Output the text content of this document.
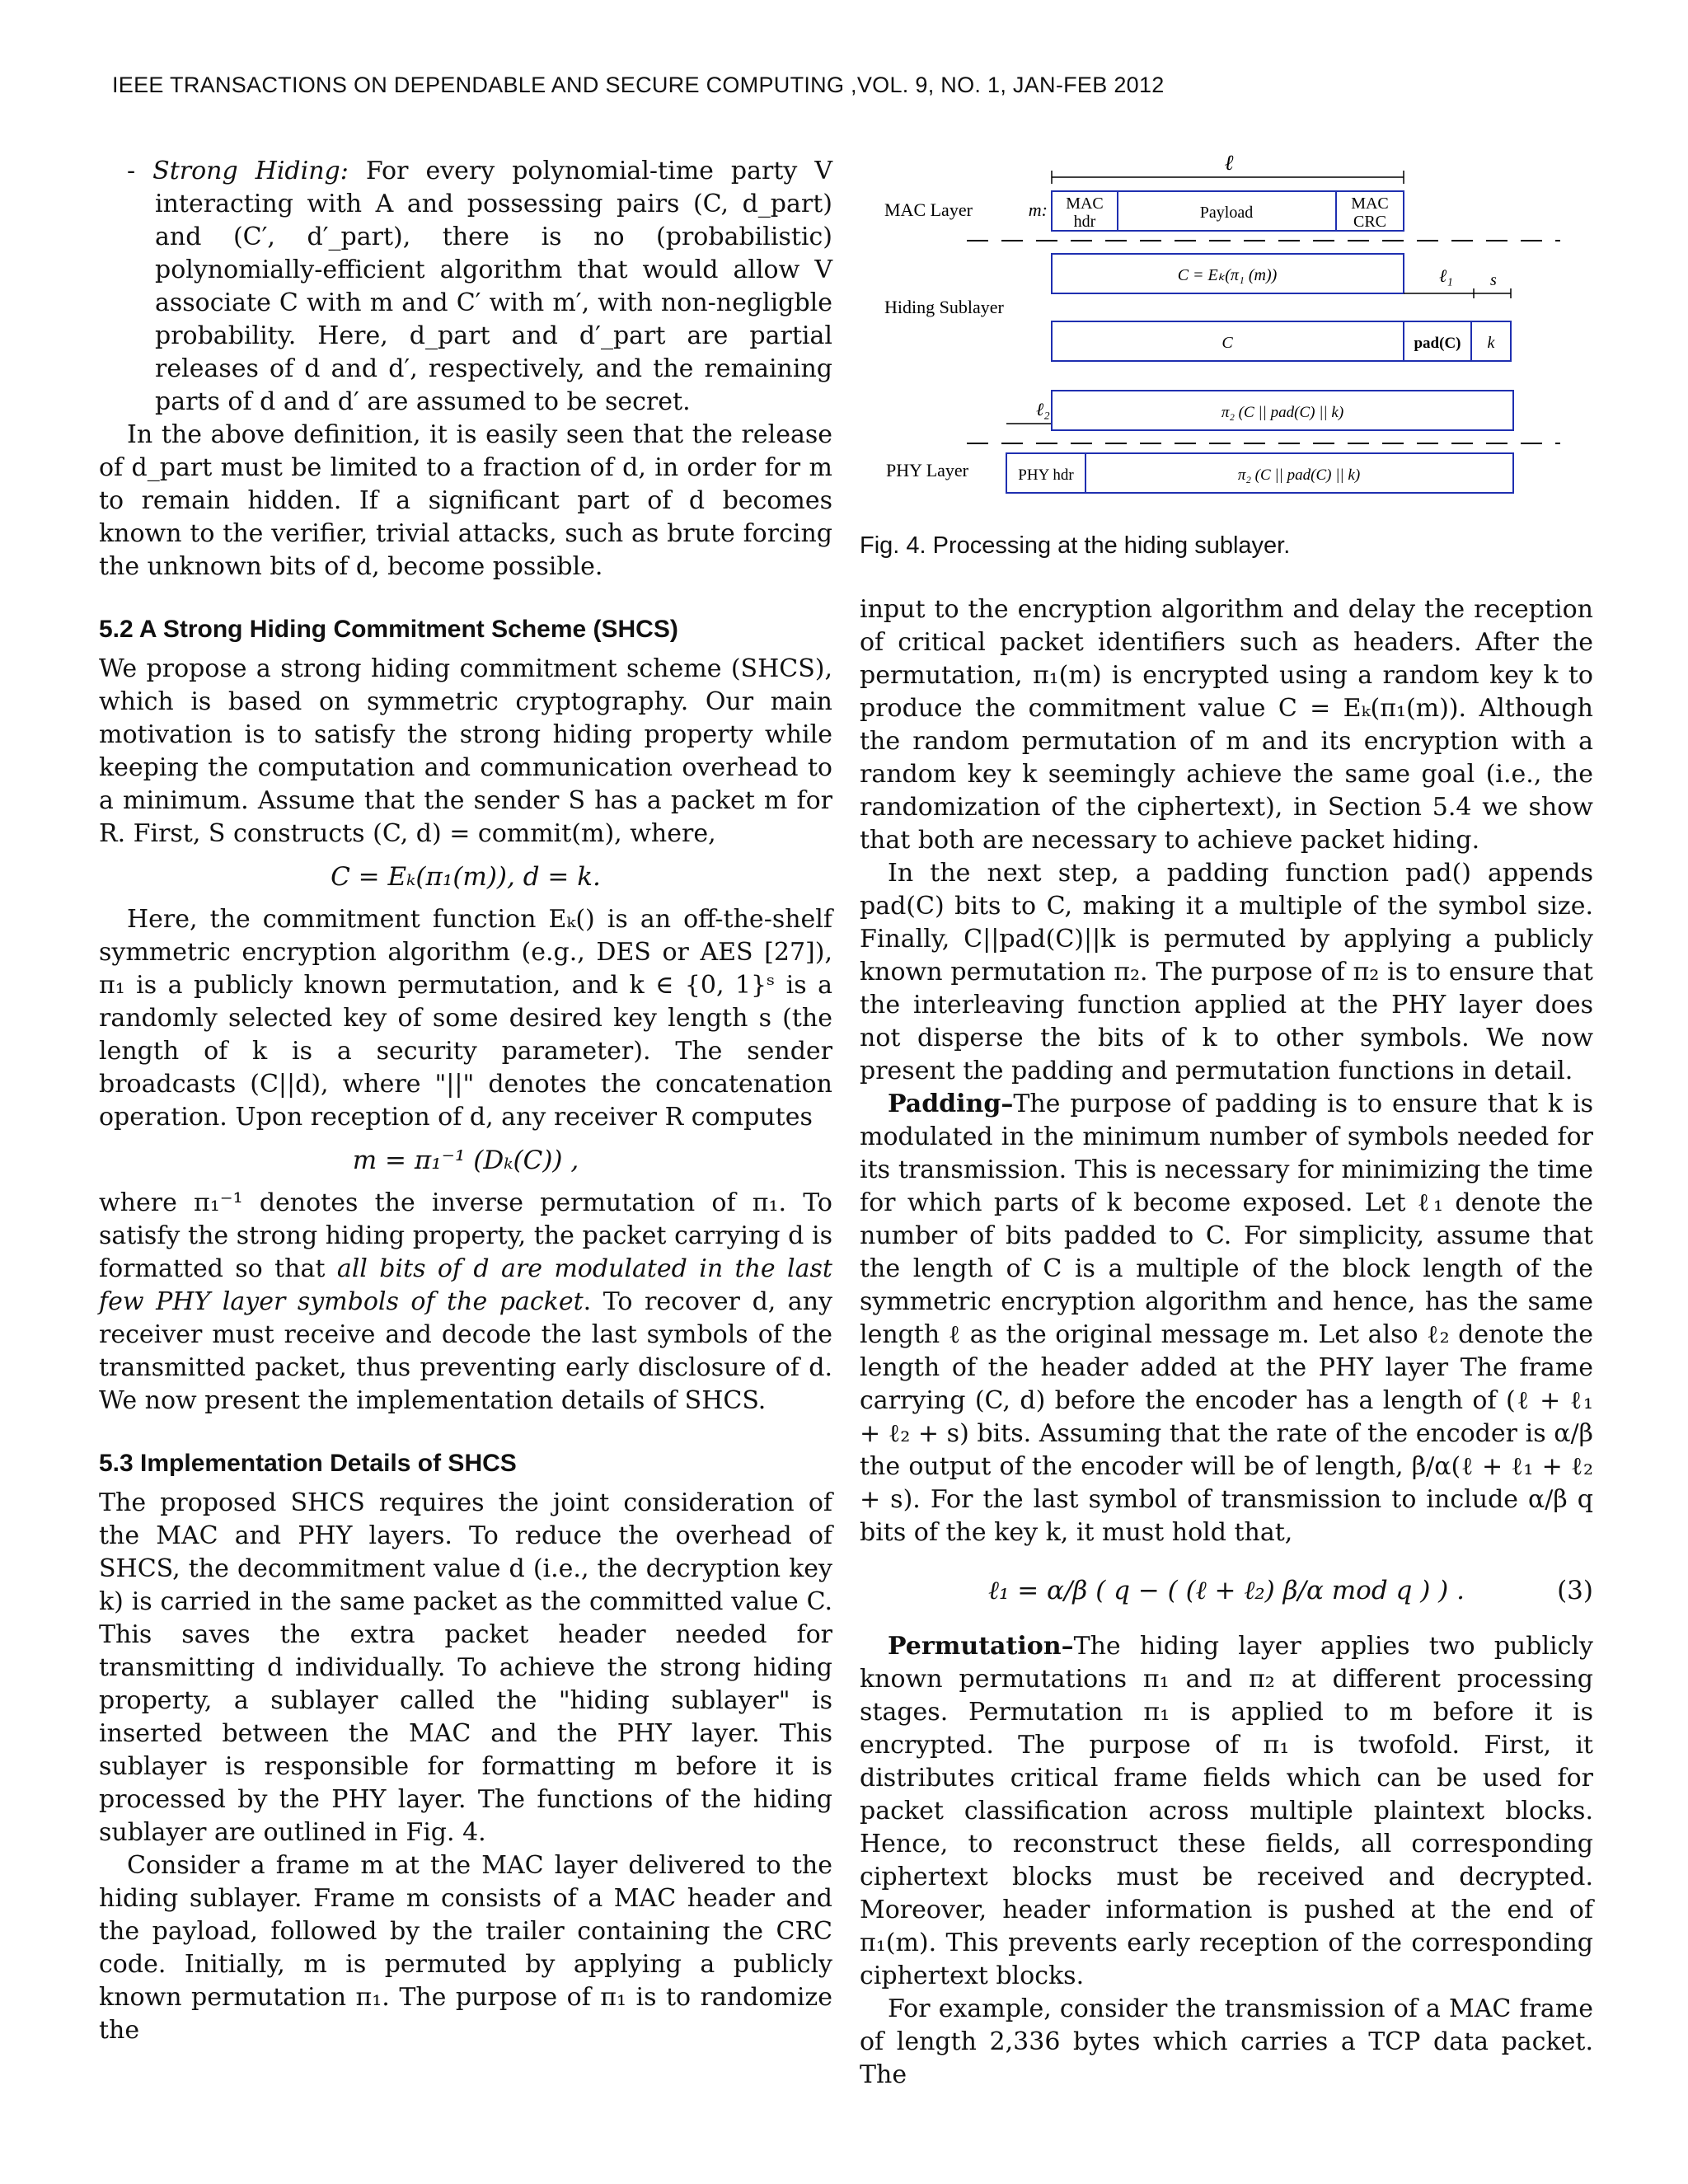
IEEE TRANSACTIONS ON DEPENDABLE AND SECURE COMPUTING ,VOL. 9, NO. 1, JAN-FEB 2012

- Strong Hiding: For every polynomial-time party V interacting with A and possessing pairs (C, d_part) and (C′, d′_part), there is no (probabilistic) polynomially-efficient algorithm that would allow V associate C with m and C′ with m′, with non-negligble probability. Here, d_part and d′_part are partial releases of d and d′, respectively, and the remaining parts of d and d′ are assumed to be secret.

In the above definition, it is easily seen that the release of d_part must be limited to a fraction of d, in order for m to remain hidden. If a significant part of d becomes known to the verifier, trivial attacks, such as brute forcing the unknown bits of d, become possible.

5.2 A Strong Hiding Commitment Scheme (SHCS)

We propose a strong hiding commitment scheme (SHCS), which is based on symmetric cryptography. Our main motivation is to satisfy the strong hiding property while keeping the computation and communication overhead to a minimum. Assume that the sender S has a packet m for R. First, S constructs (C, d) = commit(m), where,

C = Eₖ(π₁(m)), d = k.

Here, the commitment function Eₖ() is an off-the-shelf symmetric encryption algorithm (e.g., DES or AES [27]), π₁ is a publicly known permutation, and k ∈ {0, 1}ˢ is a randomly selected key of some desired key length s (the length of k is a security parameter). The sender broadcasts (C||d), where "||" denotes the concatenation operation. Upon reception of d, any receiver R computes

m = π₁⁻¹ (Dₖ(C)) ,

where π₁⁻¹ denotes the inverse permutation of π₁. To satisfy the strong hiding property, the packet carrying d is formatted so that all bits of d are modulated in the last few PHY layer symbols of the packet. To recover d, any receiver must receive and decode the last symbols of the transmitted packet, thus preventing early disclosure of d. We now present the implementation details of SHCS.

5.3 Implementation Details of SHCS

The proposed SHCS requires the joint consideration of the MAC and PHY layers. To reduce the overhead of SHCS, the decommitment value d (i.e., the decryption key k) is carried in the same packet as the committed value C. This saves the extra packet header needed for transmitting d individually. To achieve the strong hiding property, a sublayer called the "hiding sublayer" is inserted between the MAC and the PHY layer. This sublayer is responsible for formatting m before it is processed by the PHY layer. The functions of the hiding sublayer are outlined in Fig. 4.

Consider a frame m at the MAC layer delivered to the hiding sublayer. Frame m consists of a MAC header and the payload, followed by the trailer containing the CRC code. Initially, m is permuted by applying a publicly known permutation π₁. The purpose of π₁ is to randomize the

ℓ
MAC Layer	m: MAC
hdr	Payload	MAC
CRC
C = Eₖ(π₁ (m))	ℓ₁ s
Hiding Sublayer
C	pad(C) k
ℓ₂	π₂ (C || pad(C) || k)
PHY Layer	PHY hdr	π₂ (C || pad(C) || k)
Fig. 4. Processing at the hiding sublayer.

input to the encryption algorithm and delay the reception of critical packet identifiers such as headers. After the permutation, π₁(m) is encrypted using a random key k to produce the commitment value C = Eₖ(π₁(m)). Although the random permutation of m and its encryption with a random key k seemingly achieve the same goal (i.e., the randomization of the ciphertext), in Section 5.4 we show that both are necessary to achieve packet hiding.

In the next step, a padding function pad() appends pad(C) bits to C, making it a multiple of the symbol size. Finally, C||pad(C)||k is permuted by applying a publicly known permutation π₂. The purpose of π₂ is to ensure that the interleaving function applied at the PHY layer does not disperse the bits of k to other symbols. We now present the padding and permutation functions in detail.

Padding–The purpose of padding is to ensure that k is modulated in the minimum number of symbols needed for its transmission. This is necessary for minimizing the time for which parts of k become exposed. Let ℓ₁ denote the number of bits padded to C. For simplicity, assume that the length of C is a multiple of the block length of the symmetric encryption algorithm and hence, has the same length ℓ as the original message m. Let also ℓ₂ denote the length of the header added at the PHY layer The frame carrying (C, d) before the encoder has a length of (ℓ + ℓ₁ + ℓ₂ + s) bits. Assuming that the rate of the encoder is α/β the output of the encoder will be of length, β/α(ℓ + ℓ₁ + ℓ₂ + s). For the last symbol of transmission to include α/β q bits of the key k, it must hold that,

ℓ₁ = α/β ( q − ( (ℓ + ℓ₂) β/α mod q ) ) .	(3)

Permutation–The hiding layer applies two publicly known permutations π₁ and π₂ at different processing stages. Permutation π₁ is applied to m before it is encrypted. The purpose of π₁ is twofold. First, it distributes critical frame fields which can be used for packet classification across multiple plaintext blocks. Hence, to reconstruct these fields, all corresponding ciphertext blocks must be received and decrypted. Moreover, header information is pushed at the end of π₁(m). This prevents early reception of the corresponding ciphertext blocks.

For example, consider the transmission of a MAC frame of length 2,336 bytes which carries a TCP data packet. The
